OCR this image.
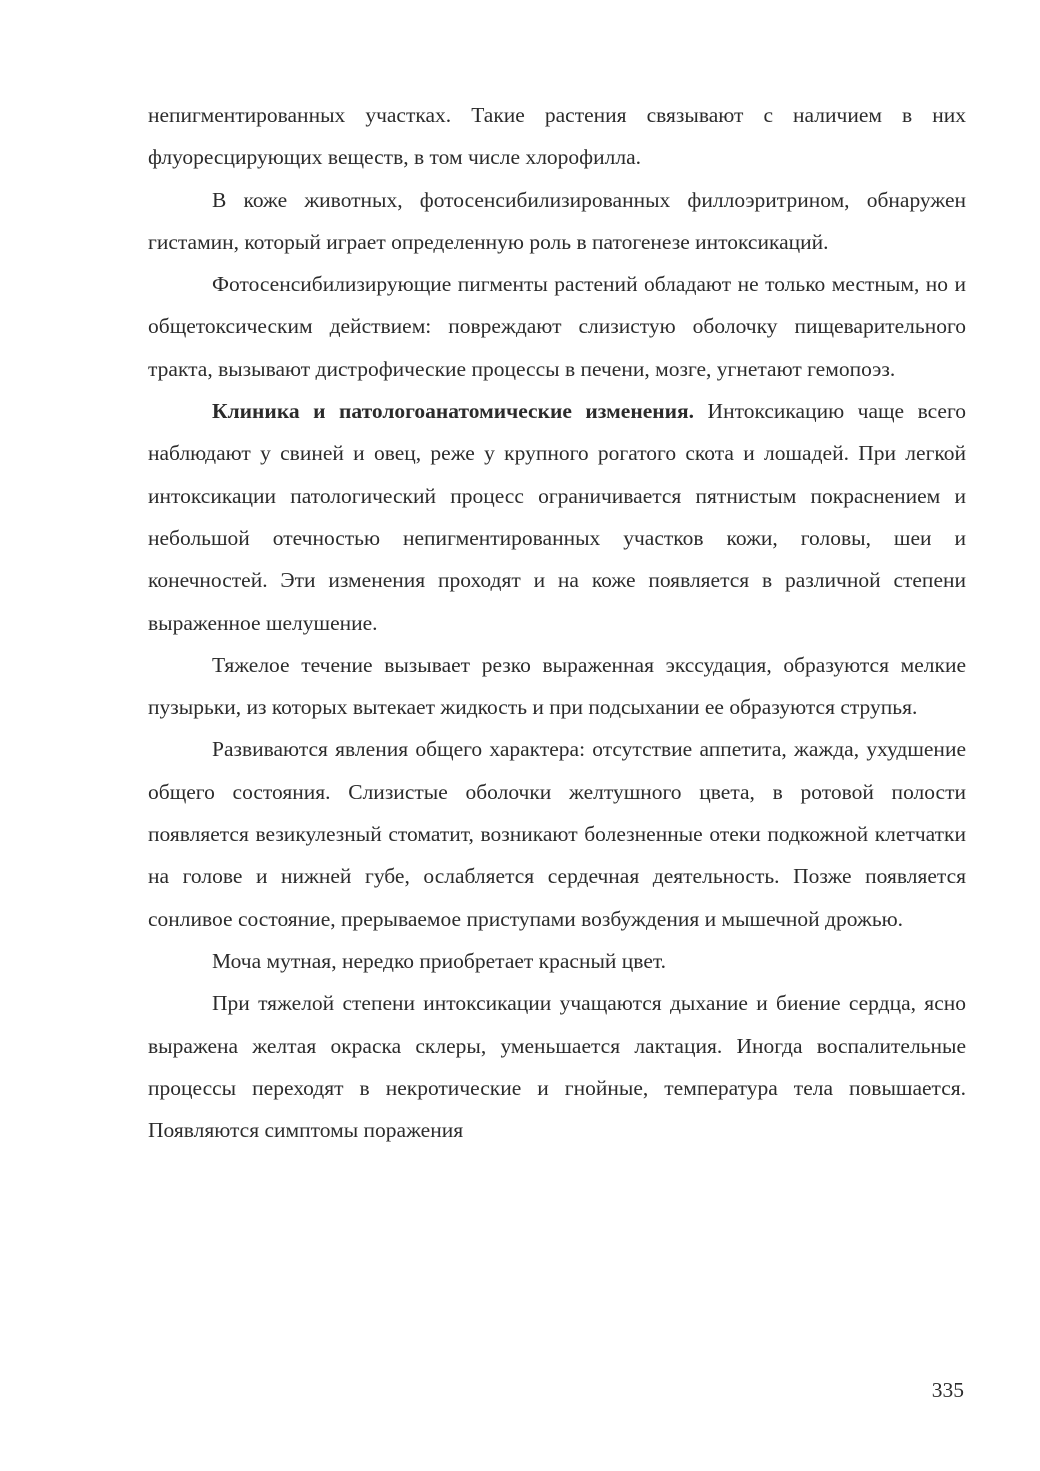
непигментированных участках. Такие растения связывают с наличием в них флуоресцирующих веществ, в том числе хлорофилла.

В коже животных, фотосенсибилизированных филлоэритрином, обнаружен гистамин, который играет определенную роль в патогенезе интоксикаций.

Фотосенсибилизирующие пигменты растений обладают не только местным, но и общетоксическим действием: повреждают слизистую оболочку пищеварительного тракта, вызывают дистрофические процессы в печени, мозге, угнетают гемопоэз.

Клиника и патологоанатомические изменения. Интоксикацию чаще всего наблюдают у свиней и овец, реже у крупного рогатого скота и лошадей. При легкой интоксикации патологический процесс ограничивается пятнистым покраснением и небольшой отечностью непигментированных участков кожи, головы, шеи и конечностей. Эти изменения проходят и на коже появляется в различной степени выраженное шелушение.

Тяжелое течение вызывает резко выраженная экссудация, образуются мелкие пузырьки, из которых вытекает жидкость и при подсыхании ее образуются струпья.

Развиваются явления общего характера: отсутствие аппетита, жажда, ухудшение общего состояния. Слизистые оболочки желтушного цвета, в ротовой полости появляется везикулезный стоматит, возникают болезненные отеки подкожной клетчатки на голове и нижней губе, ослабляется сердечная деятельность. Позже появляется сонливое состояние, прерываемое приступами возбуждения и мышечной дрожью.

Моча мутная, нередко приобретает красный цвет.

При тяжелой степени интоксикации учащаются дыхание и биение сердца, ясно выражена желтая окраска склеры, уменьшается лактация. Иногда воспалительные процессы переходят в некротические и гнойные, температура тела повышается. Появляются симптомы поражения

335
